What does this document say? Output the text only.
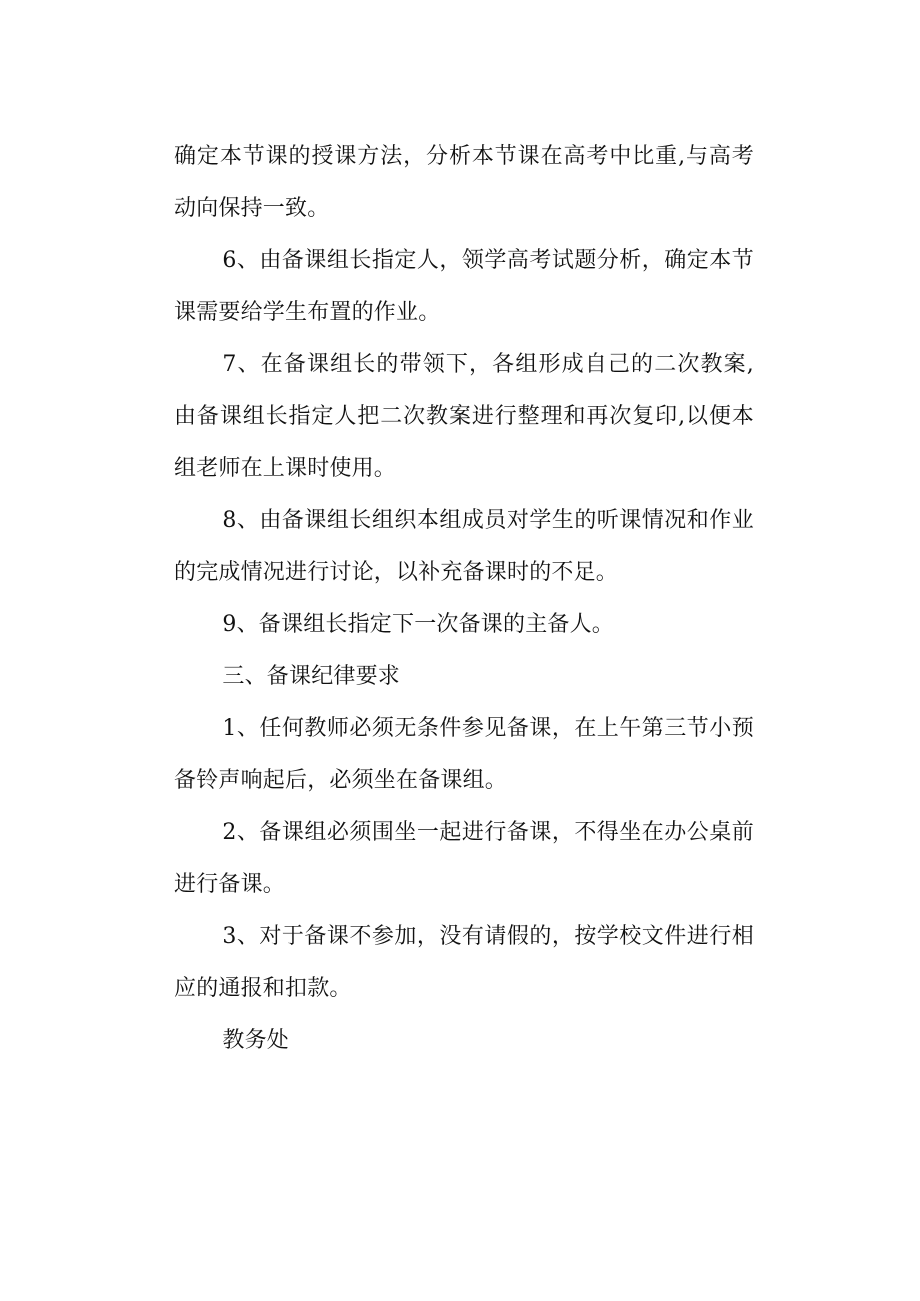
确定本节课的授课方法，分析本节课在高考中比重,与高考动向保持一致。

6、由备课组长指定人，领学高考试题分析，确定本节课需要给学生布置的作业。

7、在备课组长的带领下，各组形成自己的二次教案,由备课组长指定人把二次教案进行整理和再次复印,以便本组老师在上课时使用。

8、由备课组长组织本组成员对学生的听课情况和作业的完成情况进行讨论，以补充备课时的不足。

9、备课组长指定下一次备课的主备人。

三、备课纪律要求

1、任何教师必须无条件参见备课，在上午第三节小预备铃声响起后，必须坐在备课组。

2、备课组必须围坐一起进行备课，不得坐在办公桌前进行备课。

3、对于备课不参加，没有请假的，按学校文件进行相应的通报和扣款。

教务处
